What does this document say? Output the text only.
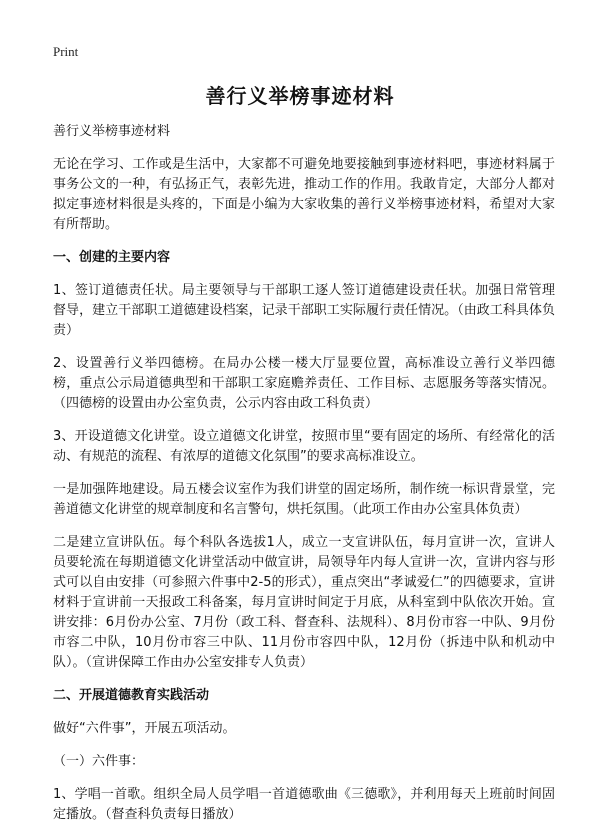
Print
善行义举榜事迹材料

善行义举榜事迹材料

无论在学习、工作或是生活中，大家都不可避免地要接触到事迹材料吧，事迹材料属于事务公文的一种，有弘扬正气，表彰先进，推动工作的作用。我敢肯定，大部分人都对拟定事迹材料很是头疼的，下面是小编为大家收集的善行义举榜事迹材料，希望对大家有所帮助。

一、创建的主要内容

1、签订道德责任状。局主要领导与干部职工逐人签订道德建设责任状。加强日常管理督导，建立干部职工道德建设档案，记录干部职工实际履行责任情况。（由政工科具体负责）

2、设置善行义举四德榜。在局办公楼一楼大厅显要位置，高标准设立善行义举四德榜，重点公示局道德典型和干部职工家庭赡养责任、工作目标、志愿服务等落实情况。（四德榜的设置由办公室负责，公示内容由政工科负责）

3、开设道德文化讲堂。设立道德文化讲堂，按照市里“要有固定的场所、有经常化的活动、有规范的流程、有浓厚的道德文化氛围”的要求高标准设立。

一是加强阵地建设。局五楼会议室作为我们讲堂的固定场所，制作统一标识背景堂，完善道德文化讲堂的规章制度和名言警句，烘托氛围。（此项工作由办公室具体负责）

二是建立宣讲队伍。每个科队各选拔1人，成立一支宣讲队伍，每月宣讲一次，宣讲人员要轮流在每期道德文化讲堂活动中做宣讲，局领导年内每人宣讲一次，宣讲内容与形式可以自由安排（可参照六件事中2-5的形式），重点突出“孝诚爱仁”的四德要求，宣讲材料于宣讲前一天报政工科备案，每月宣讲时间定于月底，从科室到中队依次开始。宣讲安排：6月份办公室、7月份（政工科、督查科、法规科）、8月份市容一中队、9月份市容二中队，10月份市容三中队、11月份市容四中队，12月份（拆违中队和机动中队）。（宣讲保障工作由办公室安排专人负责）

二、开展道德教育实践活动

做好“六件事”，开展五项活动。

（一）六件事：

1、学唱一首歌。组织全局人员学唱一首道德歌曲《三德歌》，并利用每天上班前时间固定播放。（督查科负责每日播放）
